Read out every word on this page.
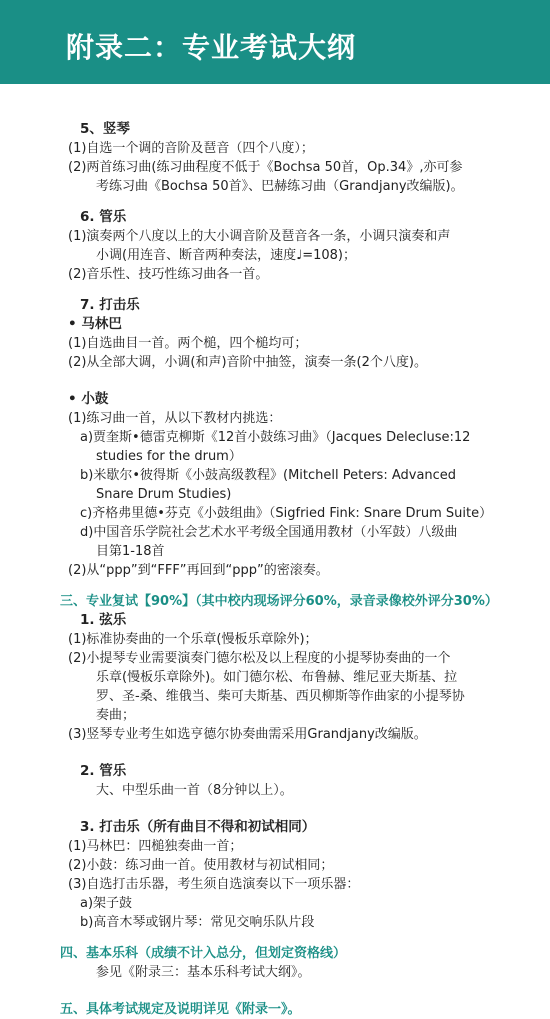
附录二：专业考试大纲
5、竖琴
(1)自选一个调的音阶及琶音（四个八度）；
(2)两首练习曲(练习曲程度不低于《Bochsa 50首，Op.34》,亦可参
考练习曲《Bochsa 50首》、巴赫练习曲（Grandjany改编版)。
6. 管乐
(1)演奏两个八度以上的大小调音阶及琶音各一条，小调只演奏和声
小调(用连音、断音两种奏法，速度♩=108)；
(2)音乐性、技巧性练习曲各一首。
7. 打击乐
• 马林巴
(1)自选曲目一首。两个槌，四个槌均可；
(2)从全部大调，小调(和声)音阶中抽签，演奏一条(2个八度)。
• 小鼓
(1)练习曲一首，从以下教材内挑选：
a)贾奎斯•德雷克柳斯《12首小鼓练习曲》（Jacques Delecluse:12
studies for the drum）
b)米歇尔•彼得斯《小鼓高级教程》(Mitchell Peters: Advanced
Snare Drum Studies)
c)齐格弗里德•芬克《小鼓组曲》（Sigfried Fink: Snare Drum Suite）
d)中国音乐学院社会艺术水平考级全国通用教材（小军鼓）八级曲
目第1-18首
(2)从“ppp”到“FFF”再回到“ppp”的密滚奏。
三、专业复试【90%】（其中校内现场评分60%，录音录像校外评分30%）
1. 弦乐
(1)标准协奏曲的一个乐章(慢板乐章除外)；
(2)小提琴专业需要演奏门德尔松及以上程度的小提琴协奏曲的一个
乐章(慢板乐章除外)。如门德尔松、布鲁赫、维尼亚夫斯基、拉
罗、圣-桑、维俄当、柴可夫斯基、西贝柳斯等作曲家的小提琴协
奏曲；
(3)竖琴专业考生如选亨德尔协奏曲需采用Grandjany改编版。
2. 管乐
大、中型乐曲一首（8分钟以上）。
3. 打击乐（所有曲目不得和初试相同）
(1)马林巴：四槌独奏曲一首；
(2)小鼓：练习曲一首。使用教材与初试相同；
(3)自选打击乐器，考生须自选演奏以下一项乐器：
a)架子鼓
b)高音木琴或钢片琴：常见交响乐队片段
四、基本乐科（成绩不计入总分，但划定资格线）
参见《附录三：基本乐科考试大纲》。
五、具体考试规定及说明详见《附录一》。
